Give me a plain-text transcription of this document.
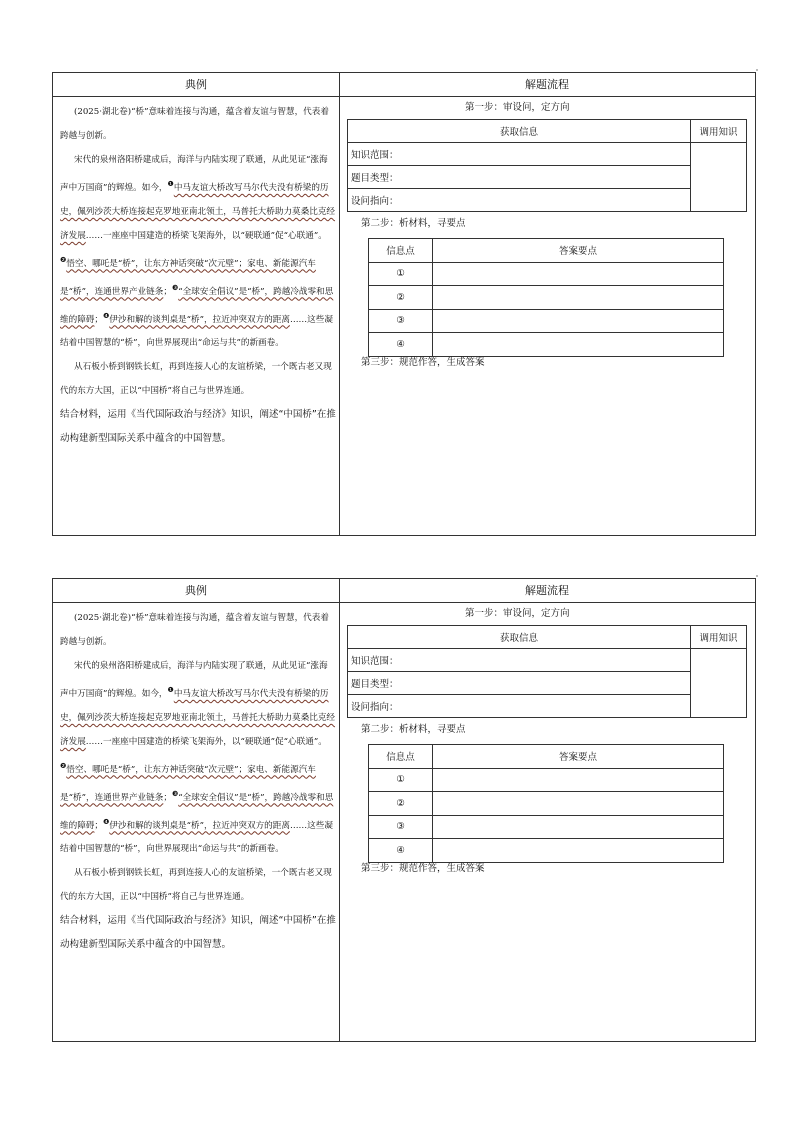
典例	解题流程

(2025·湖北卷)“桥”意味着连接与沟通，蕴含着友谊与智慧，代表着跨越与创新。

宋代的泉州洛阳桥建成后，海洋与内陆实现了联通，从此见证“涨海声中万国商”的辉煌。如今，$^❶$中马友谊大桥改写马尔代夫没有桥梁的历史，佩列沙茨大桥连接起克罗地亚南北领土，马普托大桥助力莫桑比克经济发展……一座座中国建造的桥梁飞架海外，以“硬联通”促“心联通”。

$^❷$悟空、哪吒是“桥”，让东方神话突破“次元壁”；家电、新能源汽车是“桥”，连通世界产业链条；$^❸$“全球安全倡议”是“桥”，跨越冷战零和思维的障碍；$^❹$伊沙和解的谈判桌是“桥”，拉近冲突双方的距离……这些凝结着中国智慧的“桥”，向世界展现出“命运与共”的新画卷。

从石板小桥到钢铁长虹，再到连接人心的友谊桥梁，一个既古老又现代的东方大国，正以“中国桥”将自己与世界连通。

结合材料，运用《当代国际政治与经济》知识，阐述“中国桥”在推动构建新型国际关系中蕴含的中国智慧。

第一步：审设问，定方向
获取信息	调用知识
知识范围：	
题目类型：	
设问指向：	
第二步：析材料，寻要点
信息点	答案要点
①	
②	
③	
④	
第三步：规范作答，生成答案
典例	解题流程

(2025·湖北卷)“桥”意味着连接与沟通，蕴含着友谊与智慧，代表着跨越与创新。

宋代的泉州洛阳桥建成后，海洋与内陆实现了联通，从此见证“涨海声中万国商”的辉煌。如今，$^❶$中马友谊大桥改写马尔代夫没有桥梁的历史，佩列沙茨大桥连接起克罗地亚南北领土，马普托大桥助力莫桑比克经济发展……一座座中国建造的桥梁飞架海外，以“硬联通”促“心联通”。

$^❷$悟空、哪吒是“桥”，让东方神话突破“次元壁”；家电、新能源汽车是“桥”，连通世界产业链条；$^❸$“全球安全倡议”是“桥”，跨越冷战零和思维的障碍；$^❹$伊沙和解的谈判桌是“桥”，拉近冲突双方的距离……这些凝结着中国智慧的“桥”，向世界展现出“命运与共”的新画卷。

从石板小桥到钢铁长虹，再到连接人心的友谊桥梁，一个既古老又现代的东方大国，正以“中国桥”将自己与世界连通。

结合材料，运用《当代国际政治与经济》知识，阐述“中国桥”在推动构建新型国际关系中蕴含的中国智慧。

第一步：审设问，定方向
获取信息	调用知识
知识范围：	
题目类型：	
设问指向：	
第二步：析材料，寻要点
信息点	答案要点
①	
②	
③	
④	
第三步：规范作答，生成答案
